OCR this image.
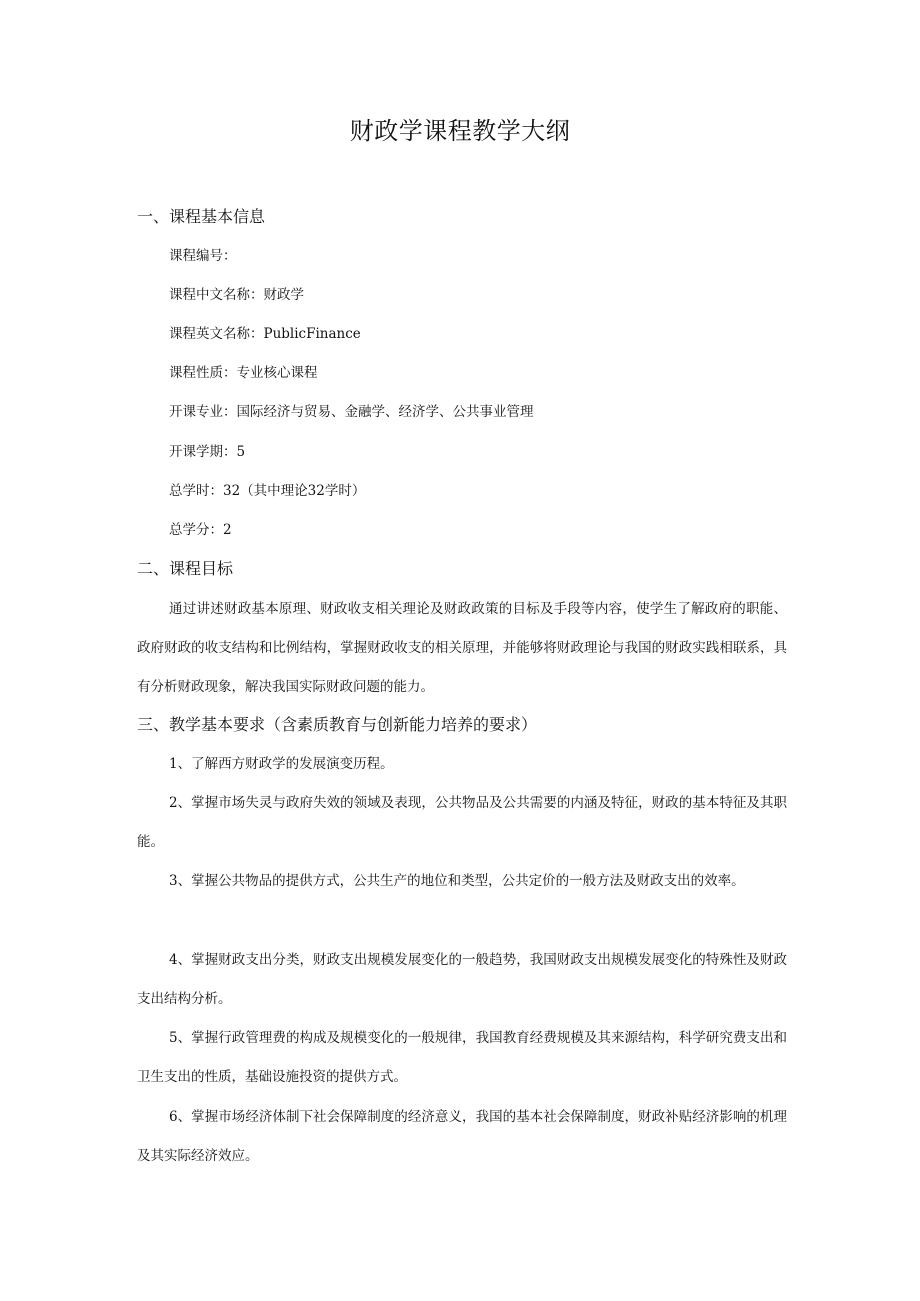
财政学课程教学大纲
一、课程基本信息
课程编号：
课程中文名称：财政学
课程英文名称：PublicFinance
课程性质：专业核心课程
开课专业：国际经济与贸易、金融学、经济学、公共事业管理
开课学期：5
总学时：32（其中理论32学时）
总学分：2
二、课程目标
通过讲述财政基本原理、财政收支相关理论及财政政策的目标及手段等内容，使学生了解政府的职能、政府财政的收支结构和比例结构，掌握财政收支的相关原理，并能够将财政理论与我国的财政实践相联系，具有分析财政现象，解决我国实际财政问题的能力。
三、教学基本要求（含素质教育与创新能力培养的要求）
1、了解西方财政学的发展演变历程。
2、掌握市场失灵与政府失效的领域及表现，公共物品及公共需要的内涵及特征，财政的基本特征及其职能。
3、掌握公共物品的提供方式，公共生产的地位和类型，公共定价的一般方法及财政支出的效率。
4、掌握财政支出分类，财政支出规模发展变化的一般趋势，我国财政支出规模发展变化的特殊性及财政支出结构分析。
5、掌握行政管理费的构成及规模变化的一般规律，我国教育经费规模及其来源结构，科学研究费支出和卫生支出的性质，基础设施投资的提供方式。
6、掌握市场经济体制下社会保障制度的经济意义，我国的基本社会保障制度，财政补贴经济影响的机理及其实际经济效应。
